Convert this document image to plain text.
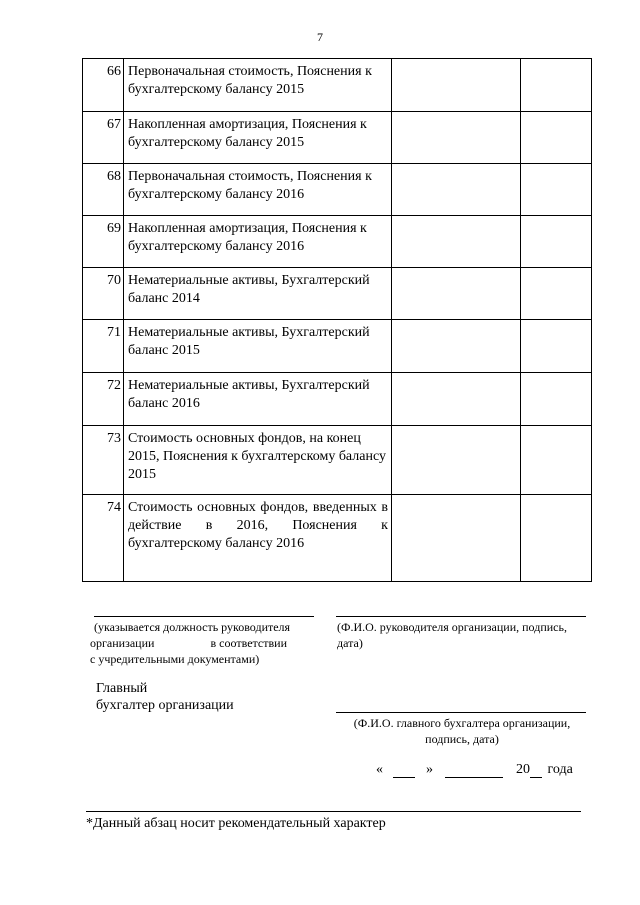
7
66	Первоначальная стоимость, Пояснения к бухгалтерскому балансу 2015		
67	Накопленная амортизация, Пояснения к бухгалтерскому балансу 2015		
68	Первоначальная стоимость, Пояснения к бухгалтерскому балансу 2016		
69	Накопленная амортизация, Пояснения к бухгалтерскому балансу 2016		
70	Нематериальные активы, Бухгалтерский баланс 2014		
71	Нематериальные активы, Бухгалтерский баланс 2015		
72	Нематериальные активы, Бухгалтерский баланс 2016		
73	Стоимость основных фондов, на конец 2015, Пояснения к бухгалтерскому балансу 2015		
74	Стоимость основных фондов, введенных в действие в 2016, Пояснения к бухгалтерскому балансу 2016		
(указывается должность руководителя
организации	в соответствии
с учредительными документами)
(Ф.И.О. руководителя организации, подпись,
дата)
Главный
бухгалтер организации
(Ф.И.О. главного бухгалтера организации,
подпись, дата)
«	»	20 года
*Данный абзац носит рекомендательный характер
